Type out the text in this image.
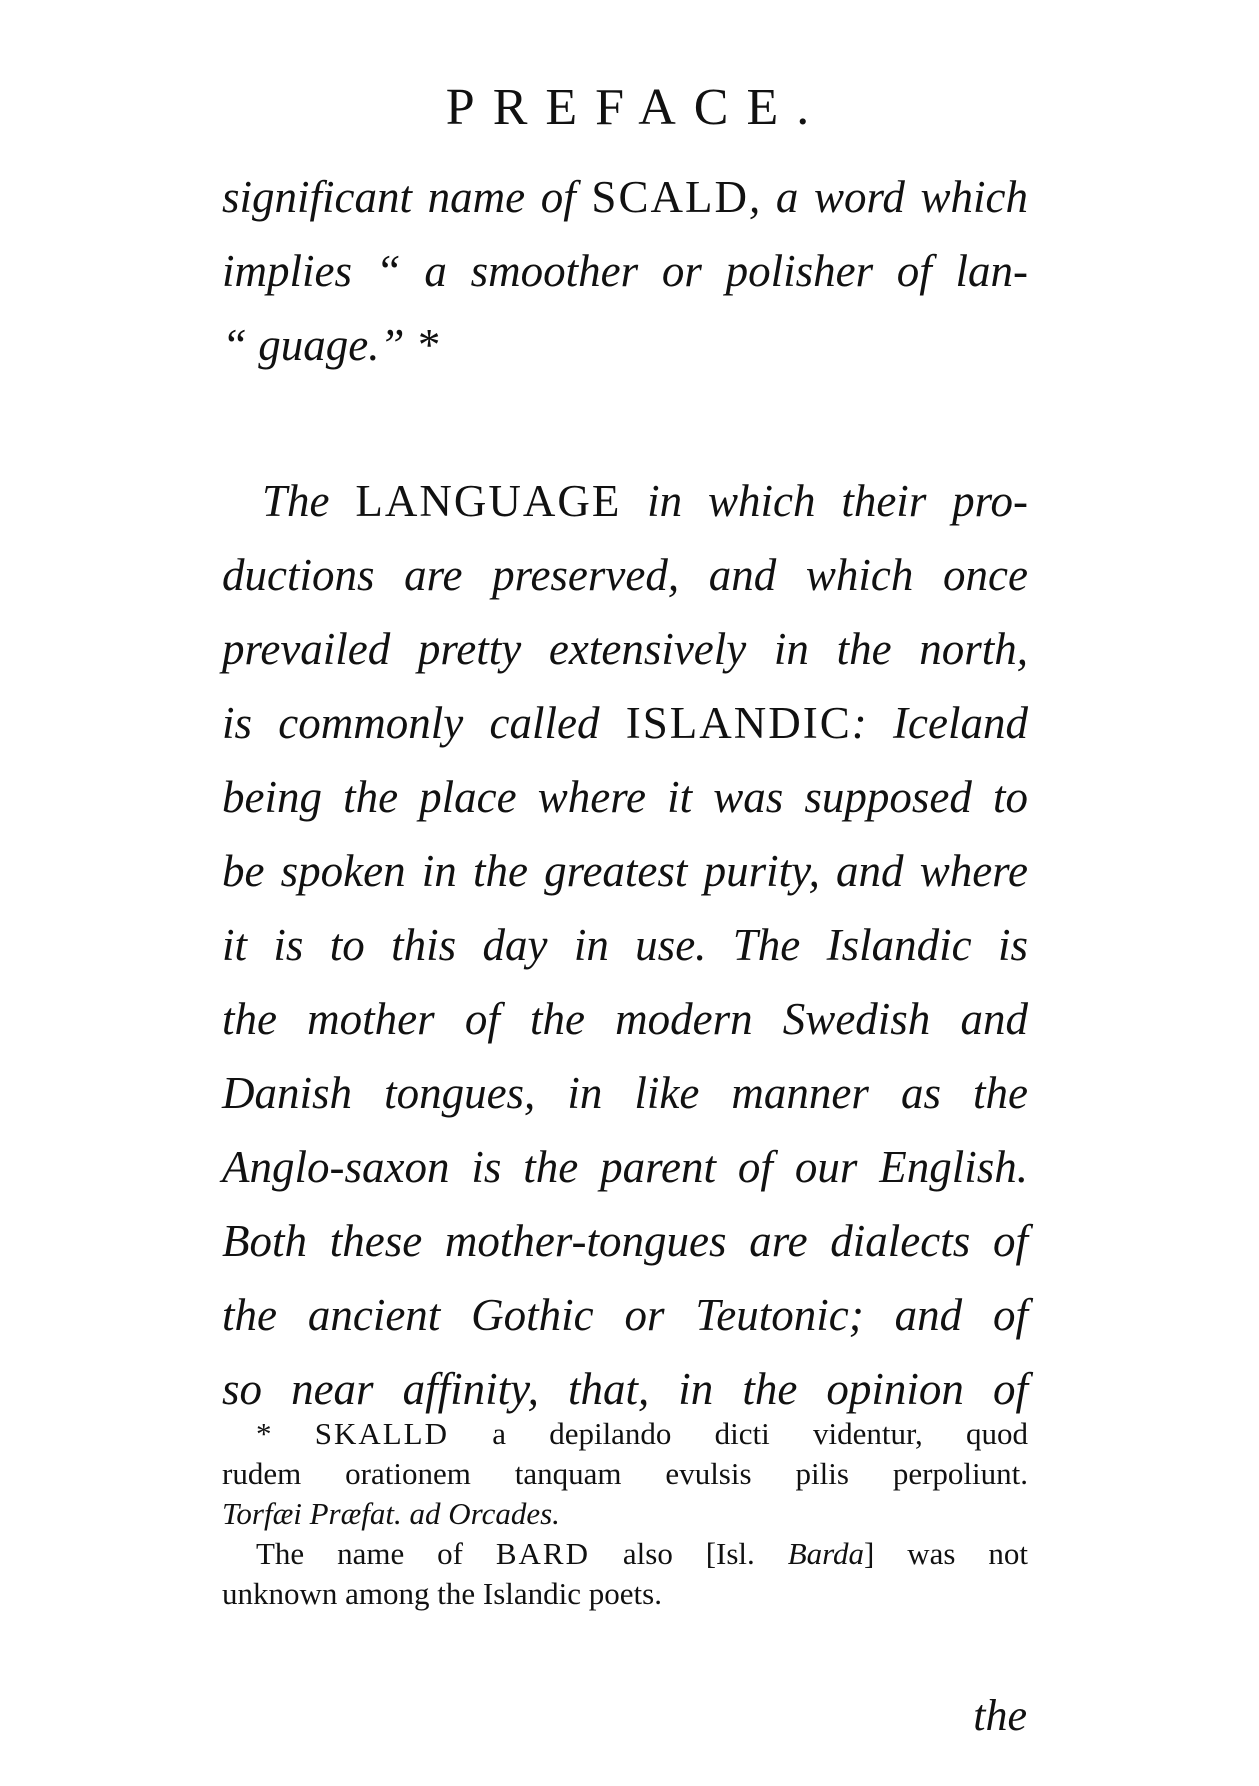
PREFACE.
significant name of SCALD, a word which
implies “ a smoother or polisher of lan-
“ guage.” *
The LANGUAGE in which their pro-
ductions are preserved, and which once
prevailed pretty extensively in the north,
is commonly called ISLANDIC: Iceland
being the place where it was supposed to
be spoken in the greatest purity, and where
it is to this day in use. The Islandic is
the mother of the modern Swedish and
Danish tongues, in like manner as the
Anglo-saxon is the parent of our English.
Both these mother-tongues are dialects of
the ancient Gothic or Teutonic; and of
so near affinity, that, in the opinion of
* SKALLD a depilando dicti videntur, quod
rudem orationem tanquam evulsis pilis perpoliunt.
Torfæi Præfat. ad Orcades.
The name of BARD also [Isl. Barda] was not
unknown among the Islandic poets.
the
